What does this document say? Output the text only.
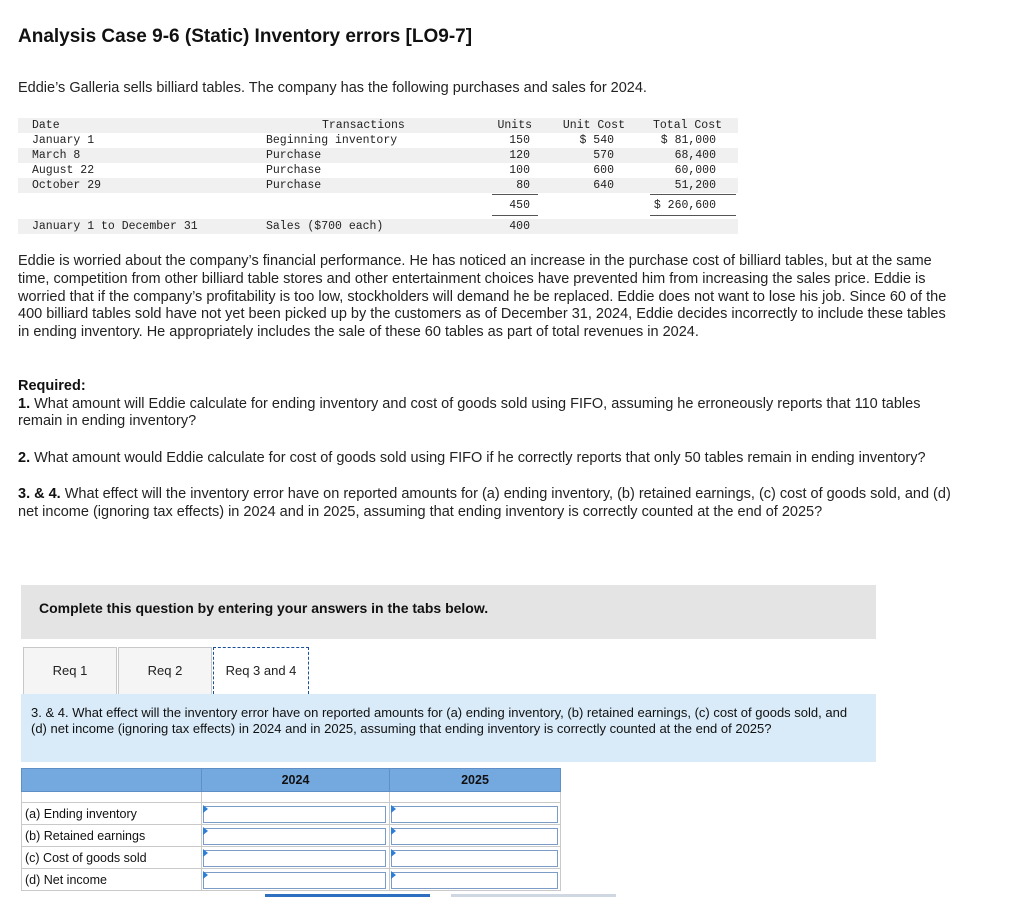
Analysis Case 9-6 (Static) Inventory errors [LO9-7]
Eddie’s Galleria sells billiard tables. The company has the following purchases and sales for 2024.
Date	Transactions	Units	Unit Cost	Total Cost
January 1	Beginning inventory	150	$ 540	$ 81,000
March 8	Purchase	120	570	68,400
August 22	Purchase	100	600	60,000
October 29	Purchase	80	640	51,200
450	$ 260,600
January 1 to December 31	Sales ($700 each)	400
Eddie is worried about the company’s financial performance. He has noticed an increase in the purchase cost of billiard tables, but at the same time, competition from other billiard table stores and other entertainment choices have prevented him from increasing the sales price. Eddie is worried that if the company’s profitability is too low, stockholders will demand he be replaced. Eddie does not want to lose his job. Since 60 of the 400 billiard tables sold have not yet been picked up by the customers as of December 31, 2024, Eddie decides incorrectly to include these tables in ending inventory. He appropriately includes the sale of these 60 tables as part of total revenues in 2024.

Required:

1. What amount will Eddie calculate for ending inventory and cost of goods sold using FIFO, assuming he erroneously reports that 110 tables remain in ending inventory?

2. What amount would Eddie calculate for cost of goods sold using FIFO if he correctly reports that only 50 tables remain in ending inventory?

3. & 4. What effect will the inventory error have on reported amounts for (a) ending inventory, (b) retained earnings, (c) cost of goods sold, and (d) net income (ignoring tax effects) in 2024 and in 2025, assuming that ending inventory is correctly counted at the end of 2025?

Complete this question by entering your answers in the tabs below.
Req 1	Req 2	Req 3 and 4
3. & 4. What effect will the inventory error have on reported amounts for (a) ending inventory, (b) retained earnings, (c) cost of goods sold, and (d) net income (ignoring tax effects) in 2024 and in 2025, assuming that ending inventory is correctly counted at the end of 2025?
	2024	2025

(a) Ending inventory	

(b) Retained earnings	

(c) Cost of goods sold	

(d) Net income	
